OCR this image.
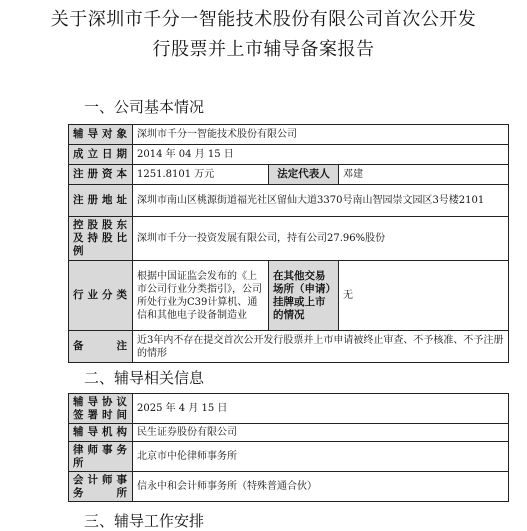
关于深圳市千分一智能技术股份有限公司首次公开发
行股票并上市辅导备案报告
一、公司基本情况
辅导对象	深圳市千分一智能技术股份有限公司		
成立日期	2014 年 04 月 15 日		
注册资本	1251.8101 万元	法定代表人	邓建
注册地址	深圳市南山区桃源街道福光社区留仙大道3370号南山智园崇文园区3号楼2101		
控股股东及持股比例	深圳市千分一投资发展有限公司，持有公司27.96%股份		
行业分类	根据中国证监会发布的《上市公司行业分类指引》，公司所处行业为C39计算机、通信和其他电子设备制造业	在其他交易场所（申请）挂牌或上市的情况	无
备注	近3年内不存在提交首次公开发行股票并上市申请被终止审查、不予核准、不予注册的情形		
二、辅导相关信息
辅导协议签署时间	2025 年 4 月 15 日
辅导机构	民生证券股份有限公司
律师事务所	北京市中伦律师事务所
会计师事务所	信永中和会计师事务所（特殊普通合伙）
三、辅导工作安排
